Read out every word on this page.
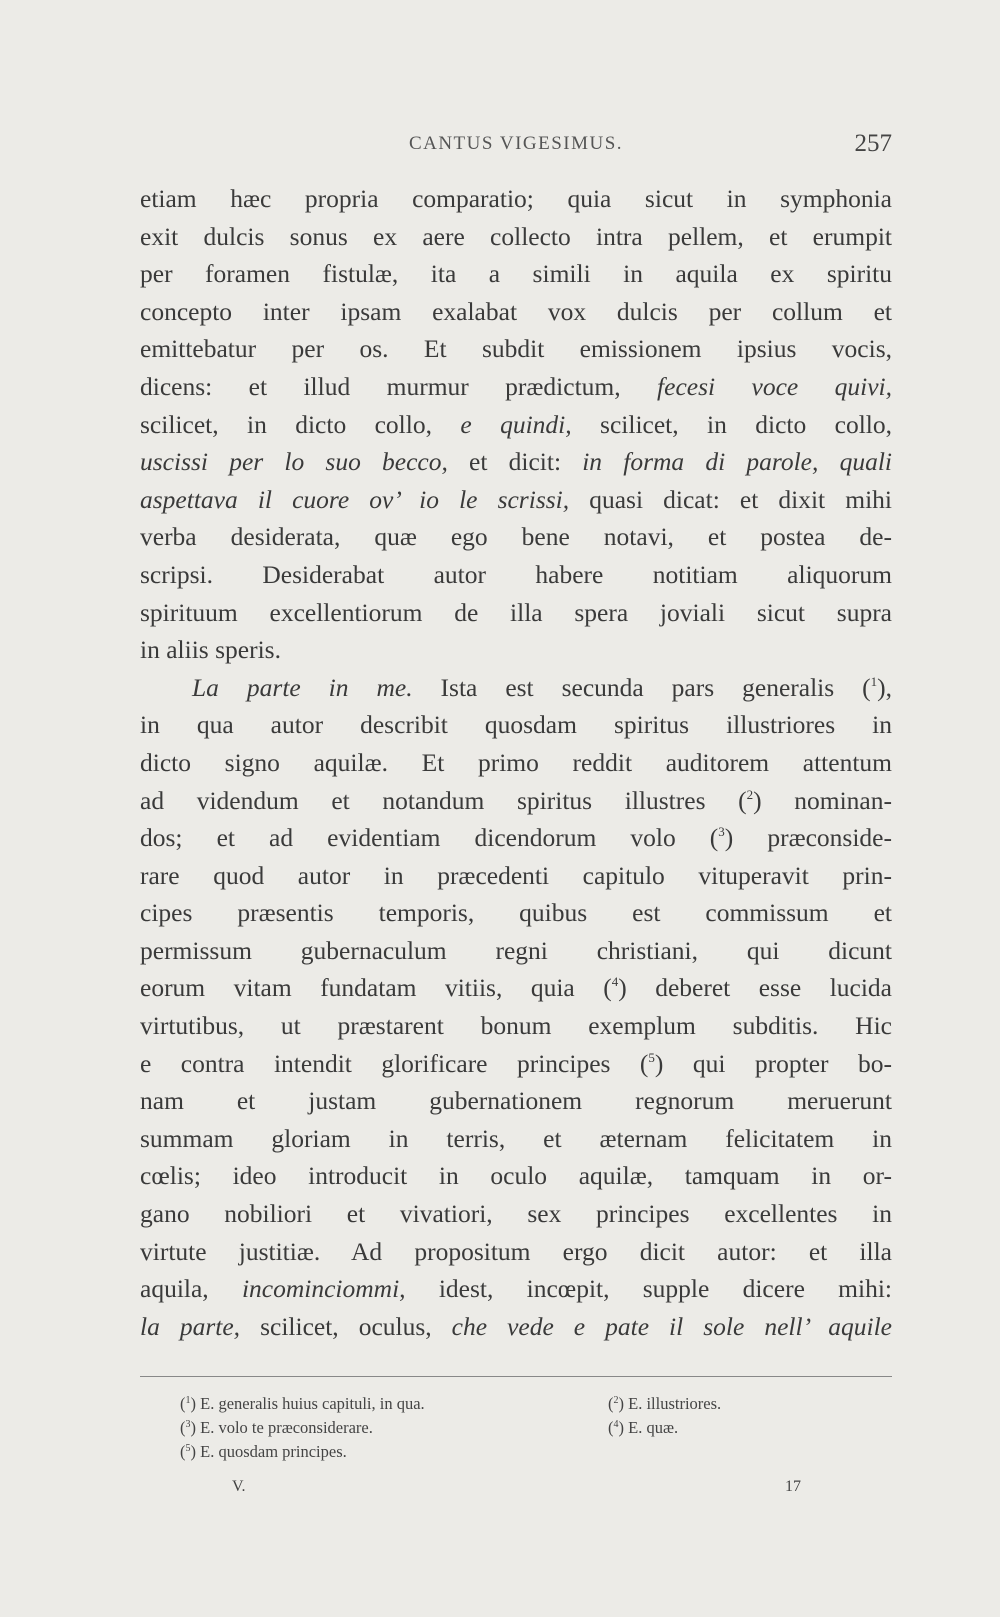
CANTUS VIGESIMUS.	257
etiam hæc propria comparatio; quia sicut in symphonia
exit dulcis sonus ex aere collecto intra pellem, et erumpit
per foramen fistulæ, ita a simili in aquila ex spiritu
concepto inter ipsam exalabat vox dulcis per collum et
emittebatur per os. Et subdit emissionem ipsius vocis,
dicens: et illud murmur prædictum, fecesi voce quivi,
scilicet, in dicto collo, e quindi, scilicet, in dicto collo,
uscissi per lo suo becco, et dicit: in forma di parole, quali
aspettava il cuore ov’ io le scrissi, quasi dicat: et dixit mihi
verba desiderata, quæ ego bene notavi, et postea de-
scripsi. Desiderabat autor habere notitiam aliquorum
spirituum excellentiorum de illa spera joviali sicut supra
in aliis speris.
La parte in me. Ista est secunda pars generalis ($^1$),
in qua autor describit quosdam spiritus illustriores in
dicto signo aquilæ. Et primo reddit auditorem attentum
ad videndum et notandum spiritus illustres ($^2$) nominan-
dos; et ad evidentiam dicendorum volo ($^3$) præconside-
rare quod autor in præcedenti capitulo vituperavit prin-
cipes præsentis temporis, quibus est commissum et
permissum gubernaculum regni christiani, qui dicunt
eorum vitam fundatam vitiis, quia ($^4$) deberet esse lucida
virtutibus, ut præstarent bonum exemplum subditis. Hic
e contra intendit glorificare principes ($^5$) qui propter bo-
nam et justam gubernationem regnorum meruerunt
summam gloriam in terris, et æternam felicitatem in
cœlis; ideo introducit in oculo aquilæ, tamquam in or-
gano nobiliori et vivatiori, sex principes excellentes in
virtute justitiæ. Ad propositum ergo dicit autor: et illa
aquila, incominciommi, idest, incœpit, supple dicere mihi:
la parte, scilicet, oculus, che vede e pate il sole nell’ aquile
($^1$) E. generalis huius capituli, in qua.	($^2$) E. illustriores.
($^3$) E. volo te præconsiderare.	($^4$) E. quæ.
($^5$) E. quosdam principes.
V.	17
